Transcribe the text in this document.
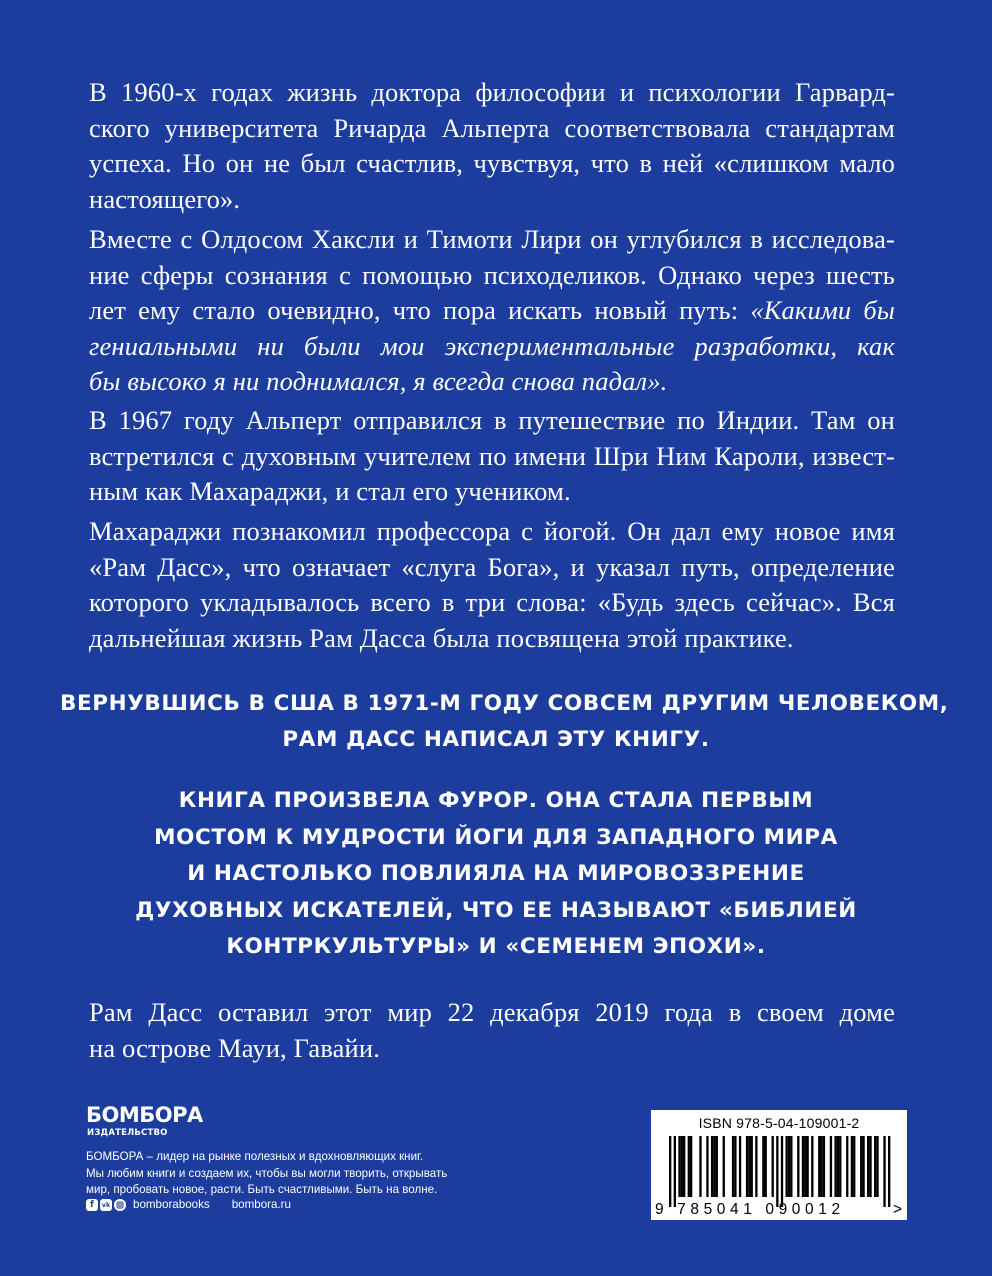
В 1960-х годах жизнь доктора философии и психологии Гарвард-
ского университета Ричарда Альперта соответствовала стандартам
успеха. Но он не был счастлив, чувствуя, что в ней «слишком мало
настоящего».
Вместе с Олдосом Хаксли и Тимоти Лири он углубился в исследова-
ние сферы сознания с помощью психоделиков. Однако через шесть
лет ему стало очевидно, что пора искать новый путь: «Какими бы
гениальными ни были мои экспериментальные разработки, как
бы высоко я ни поднимался, я всегда снова падал».
В 1967 году Альперт отправился в путешествие по Индии. Там он
встретился с духовным учителем по имени Шри Ним Кароли, извест-
ным как Махараджи, и стал его учеником.
Махараджи познакомил профессора с йогой. Он дал ему новое имя
«Рам Дасс», что означает «слуга Бога», и указал путь, определение
которого укладывалось всего в три слова: «Будь здесь сейчас». Вся
дальнейшая жизнь Рам Дасса была посвящена этой практике.
ВЕРНУВШИСЬ В США В 1971-М ГОДУ СОВСЕМ ДРУГИМ ЧЕЛОВЕКОМ,
РАМ ДАСС НАПИСАЛ ЭТУ КНИГУ.
КНИГА ПРОИЗВЕЛА ФУРОР. ОНА СТАЛА ПЕРВЫМ
МОСТОМ К МУДРОСТИ ЙОГИ ДЛЯ ЗАПАДНОГО МИРА
И НАСТОЛЬКО ПОВЛИЯЛА НА МИРОВОЗЗРЕНИЕ
ДУХОВНЫХ ИСКАТЕЛЕЙ, ЧТО ЕЕ НАЗЫВАЮТ «БИБЛИЕЙ
КОНТРКУЛЬТУРЫ» И «СЕМЕНЕМ ЭПОХИ».
Рам Дасс оставил этот мир 22 декабря 2019 года в своем доме
на острове Мауи, Гавайи.
БОМБОРА
ИЗДАТЕЛЬСТВО
БОМБОРА – лидер на рынке полезных и вдохновляющих книг.
Мы любим книги и создаем их, чтобы вы могли творить, открывать
мир, пробовать новое, расти. Быть счастливыми. Быть на волне.
f	vk bomborabooks bombora.ru
ISBN 978-5-04-109001-2
9 785041 090012	>
